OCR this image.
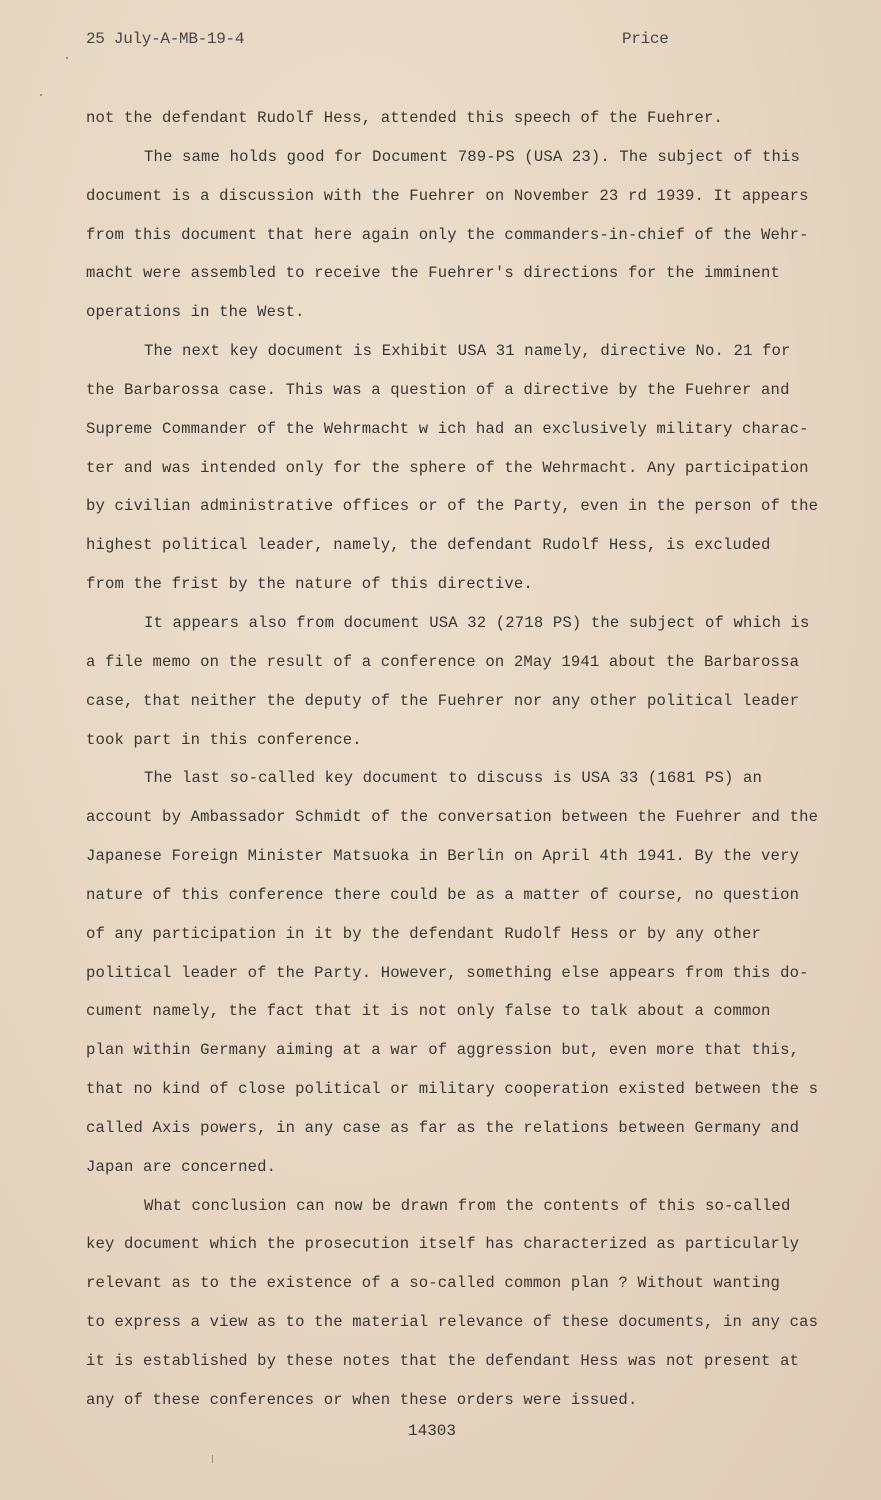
25 July-A-MB-19-4	Price
not the defendant Rudolf Hess, attended this speech of the Fuehrer.
The same holds good for Document 789-PS (USA 23). The subject of this
document is a discussion with the Fuehrer on November 23 rd 1939. It appears
from this document that here again only the commanders-in-chief of the Wehr-
macht were assembled to receive the Fuehrer's directions for the imminent
operations in the West.
The next key document is Exhibit USA 31 namely, directive No. 21 for
the Barbarossa case. This was a question of a directive by the Fuehrer and
Supreme Commander of the Wehrmacht w ich had an exclusively military charac-
ter and was intended only for the sphere of the Wehrmacht. Any participation
by civilian administrative offices or of the Party, even in the person of the
highest political leader, namely, the defendant Rudolf Hess, is excluded
from the frist by the nature of this directive.
It appears also from document USA 32 (2718 PS) the subject of which is
a file memo on the result of a conference on 2May 1941 about the Barbarossa
case, that neither the deputy of the Fuehrer nor any other political leader
took part in this conference.
The last so-called key document to discuss is USA 33 (1681 PS) an
account by Ambassador Schmidt of the conversation between the Fuehrer and the
Japanese Foreign Minister Matsuoka in Berlin on April 4th 1941. By the very
nature of this conference there could be as a matter of course, no question
of any participation in it by the defendant Rudolf Hess or by any other
political leader of the Party. However, something else appears from this do-
cument namely, the fact that it is not only false to talk about a common
plan within Germany aiming at a war of aggression but, even more that this,
that no kind of close political or military cooperation existed between the s
called Axis powers, in any case as far as the relations between Germany and
Japan are concerned.
What conclusion can now be drawn from the contents of this so-called
key document which the prosecution itself has characterized as particularly
relevant as to the existence of a so-called common plan ? Without wanting
to express a view as to the material relevance of these documents, in any cas
it is established by these notes that the defendant Hess was not present at
any of these conferences or when these orders were issued.
14303
